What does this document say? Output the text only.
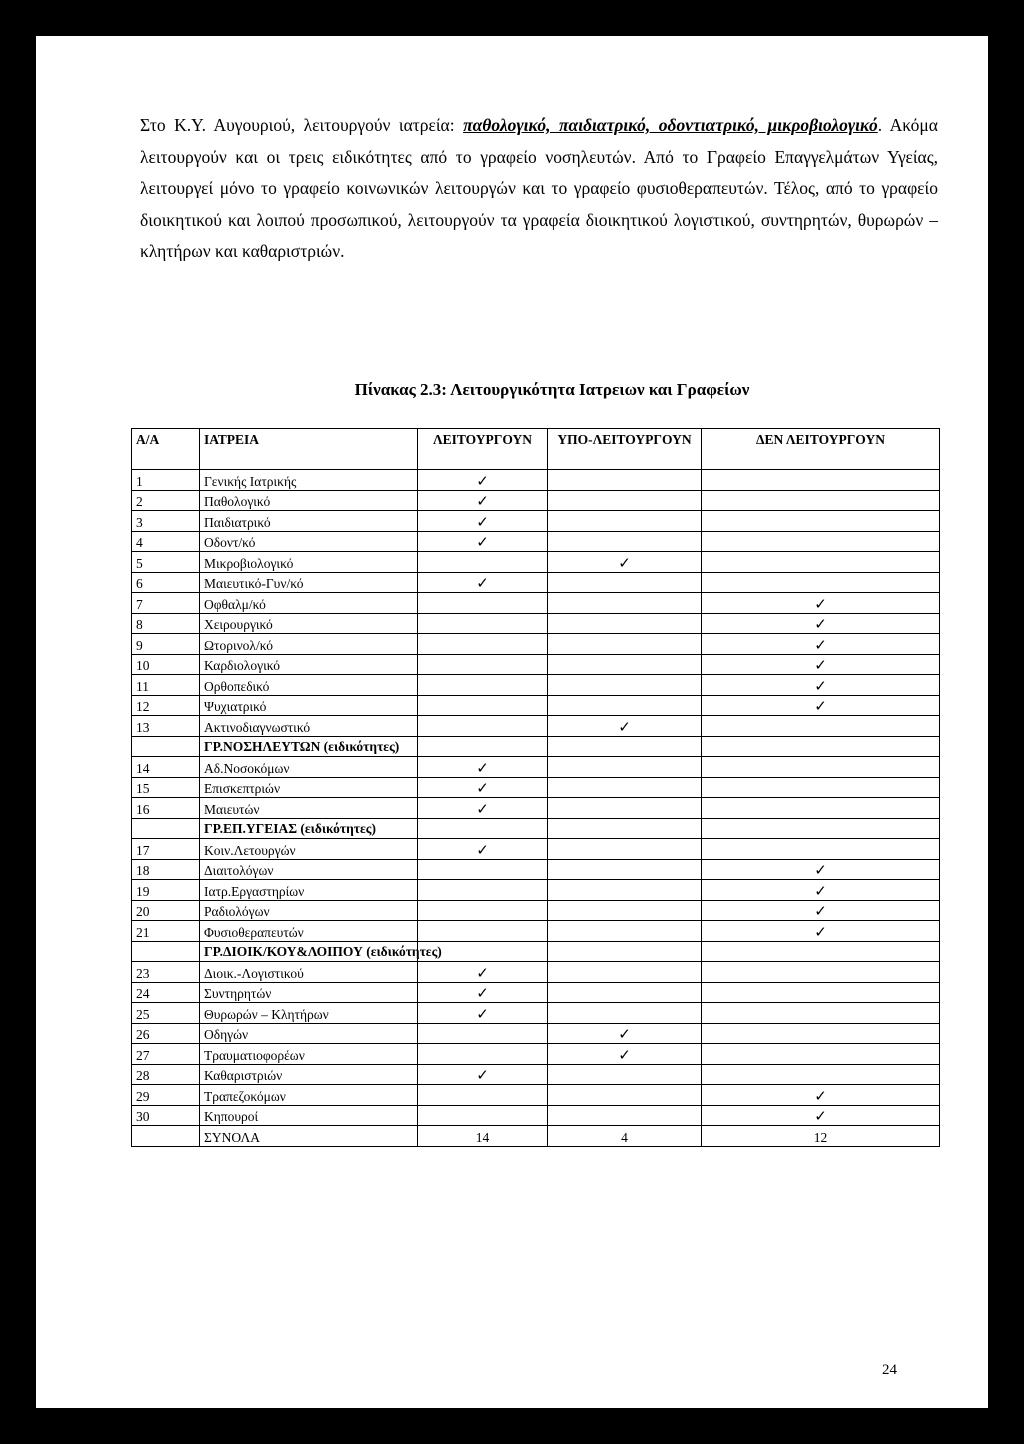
Στο Κ.Υ. Αυγουριού, λειτουργούν ιατρεία: παθολογικό, παιδιατρικό, οδοντιατρικό, μικροβιολογικό. Ακόμα λειτουργούν και οι τρεις ειδικότητες από το γραφείο νοσηλευτών. Από το Γραφείο Επαγγελμάτων Υγείας, λειτουργεί μόνο το γραφείο κοινωνικών λειτουργών και το γραφείο φυσιοθεραπευτών. Τέλος, από το γραφείο διοικητικού και λοιπού προσωπικού, λειτουργούν τα γραφεία διοικητικού λογιστικού, συντηρητών, θυρωρών – κλητήρων και καθαριστριών.
Πίνακας 2.3: Λειτουργικότητα Ιατρειων και Γραφείων
Α/Α	ΙΑΤΡΕΙΑ	ΛΕΙΤΟΥΡΓΟΥΝ	ΥΠΟ-ΛΕΙΤΟΥΡΓΟΥΝ	ΔΕΝ ΛΕΙΤΟΥΡΓΟΥΝ
1	Γενικής Ιατρικής	✓		
2	Παθολογικό	✓		
3	Παιδιατρικό	✓		
4	Οδοντ/κό	✓		
5	Μικροβιολογικό		✓	
6	Μαιευτικό-Γυν/κό	✓		
7	Οφθαλμ/κό			✓
8	Χειρουργικό			✓
9	Ωτορινολ/κό			✓
10	Καρδιολογικό			✓
11	Ορθοπεδικό			✓
12	Ψυχιατρικό			✓
13	Ακτινοδιαγνωστικό		✓	
	ΓΡ.ΝΟΣΗΛΕΥΤΩΝ (ειδικότητες)			
14	Αδ.Νοσοκόμων	✓		
15	Επισκεπτριών	✓		
16	Μαιευτών	✓		
	ΓΡ.ΕΠ.ΥΓΕΙΑΣ (ειδικότητες)			
17	Κοιν.Λετουργών	✓		
18	Διαιτολόγων			✓
19	Ιατρ.Εργαστηρίων			✓
20	Ραδιολόγων			✓
21	Φυσιοθεραπευτών			✓
	ΓΡ.ΔΙΟΙΚ/ΚΟΥ&ΛΟΙΠΟΥ (ειδικότητες)			
23	Διοικ.-Λογιστικού	✓		
24	Συντηρητών	✓		
25	Θυρωρών – Κλητήρων	✓		
26	Οδηγών		✓	
27	Τραυματιοφορέων		✓	
28	Καθαριστριών	✓		
29	Τραπεζοκόμων			✓
30	Κηπουροί			✓
	ΣΥΝΟΛΑ	14	4	12
24
